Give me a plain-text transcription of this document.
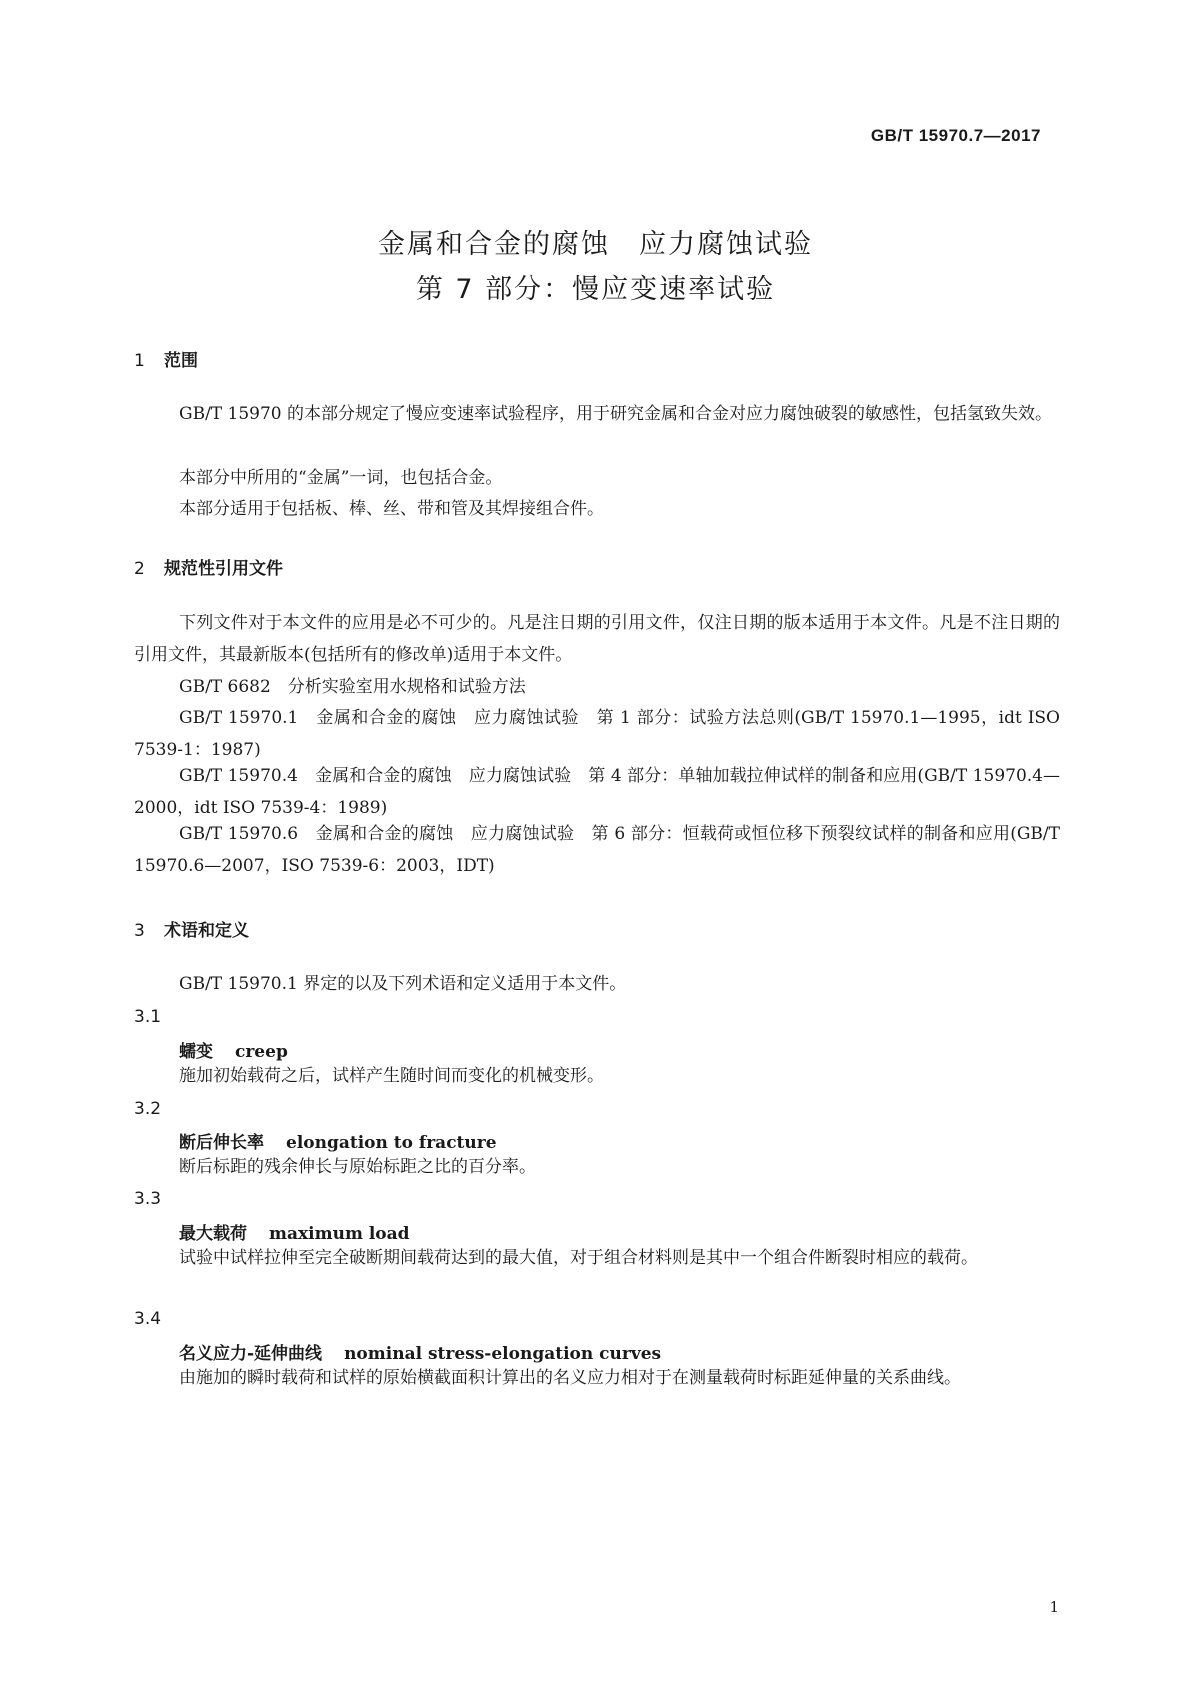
GB/T 15970.7—2017
金属和合金的腐蚀　应力腐蚀试验
第 7 部分：慢应变速率试验
1 范围
GB/T 15970 的本部分规定了慢应变速率试验程序，用于研究金属和合金对应力腐蚀破裂的敏感性，包括氢致失效。
本部分中所用的“金属”一词，也包括合金。
本部分适用于包括板、棒、丝、带和管及其焊接组合件。
2 规范性引用文件
下列文件对于本文件的应用是必不可少的。凡是注日期的引用文件，仅注日期的版本适用于本文件。凡是不注日期的引用文件，其最新版本(包括所有的修改单)适用于本文件。
GB/T 6682　分析实验室用水规格和试验方法
GB/T 15970.1　金属和合金的腐蚀　应力腐蚀试验　第 1 部分：试验方法总则(GB/T 15970.1—1995，idt ISO 7539-1：1987)
GB/T 15970.4　金属和合金的腐蚀　应力腐蚀试验　第 4 部分：单轴加载拉伸试样的制备和应用(GB/T 15970.4—2000，idt ISO 7539-4：1989)
GB/T 15970.6　金属和合金的腐蚀　应力腐蚀试验　第 6 部分：恒载荷或恒位移下预裂纹试样的制备和应用(GB/T 15970.6—2007，ISO 7539-6：2003，IDT)
3 术语和定义
GB/T 15970.1 界定的以及下列术语和定义适用于本文件。
3.1
蠕变 creep
施加初始载荷之后，试样产生随时间而变化的机械变形。
3.2
断后伸长率 elongation to fracture
断后标距的残余伸长与原始标距之比的百分率。
3.3
最大载荷 maximum load
试验中试样拉伸至完全破断期间载荷达到的最大值，对于组合材料则是其中一个组合件断裂时相应的载荷。
3.4
名义应力-延伸曲线 nominal stress-elongation curves
由施加的瞬时载荷和试样的原始横截面积计算出的名义应力相对于在测量载荷时标距延伸量的关系曲线。
1
